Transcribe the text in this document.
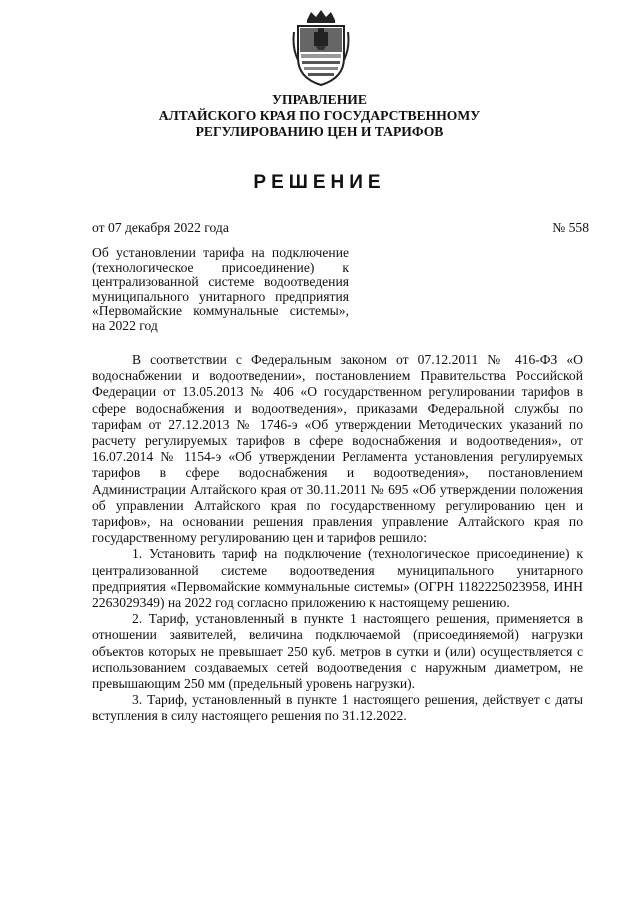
УПРАВЛЕНИЕ
АЛТАЙСКОГО КРАЯ ПО ГОСУДАРСТВЕННОМУ
РЕГУЛИРОВАНИЮ ЦЕН И ТАРИФОВ
РЕШЕНИЕ
от 07 декабря 2022 года	№ 558
Об установлении тарифа на подключение (технологическое присоединение) к централизованной системе водоотведения муниципального унитарного предприятия «Первомайские коммунальные системы», на 2022 год

В соответствии с Федеральным законом от 07.12.2011 № 416-ФЗ «О водоснабжении и водоотведении», постановлением Правительства Российской Федерации от 13.05.2013 № 406 «О государственном регулировании тарифов в сфере водоснабжения и водоотведения», приказами Федеральной службы по тарифам от 27.12.2013 № 1746-э «Об утверждении Методических указаний по расчету регулируемых тарифов в сфере водоснабжения и водоотведения», от 16.07.2014 № 1154-э «Об утверждении Регламента установления регулируемых тарифов в сфере водоснабжения и водоотведения», постановлением Администрации Алтайского края от 30.11.2011 № 695 «Об утверждении положения об управлении Алтайского края по государственному регулированию цен и тарифов», на основании решения правления управление Алтайского края по государственному регулированию цен и тарифов решило:

1. Установить тариф на подключение (технологическое присоединение) к централизованной системе водоотведения муниципального унитарного предприятия «Первомайские коммунальные системы» (ОГРН 1182225023958, ИНН 2263029349) на 2022 год согласно приложению к настоящему решению.

2. Тариф, установленный в пункте 1 настоящего решения, применяется в отношении заявителей, величина подключаемой (присоединяемой) нагрузки объектов которых не превышает 250 куб. метров в сутки и (или) осуществляется с использованием создаваемых сетей водоотведения с наружным диаметром, не превышающим 250 мм (предельный уровень нагрузки).

3. Тариф, установленный в пункте 1 настоящего решения, действует с даты вступления в силу настоящего решения по 31.12.2022.
